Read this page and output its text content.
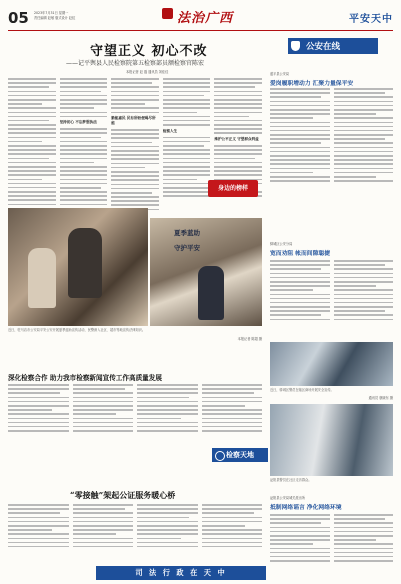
05 2023年7月31日 星期一
责任编辑 赵敏 版式设计 赵虹	法治广西	平安天中
守望正义 初心不改
——记平舆县人民检察院第五检察部员额检察官陈宏
本报记者 赵 磊 通讯员 刘佳佳
坚持初心 不忘梦想执法
勤能惠民 民有所盼便竭尽所能
检察人生
维护公平正义 守望群众利益
身边的榜样
夏季蓝助
守护平安
近日，驻马店市公安局平安公安开展夏季蓝助宣传活动，民警深入社区、超市等地宣传法律知识。
本报记者 陈超 摄
公安在线
遂平县公安局
爱岗履职增动力 汇聚力量保平安
驿城区公安分局
宽而劝阻 帐而间隙聪捷
近日，驿城区警员在辖区商场开展安全宣传。
通讯员 康晓东 摄
泌阳县警员在社区走访群众。
泌阳县公安局城关派出所
抵制网络谣言 净化网络环境
深化检察合作 助力我市检察新闻宣传工作高质量发展
检察天地
“零接触”架起公证服务暖心桥
司 法 行 政 在 天 中
